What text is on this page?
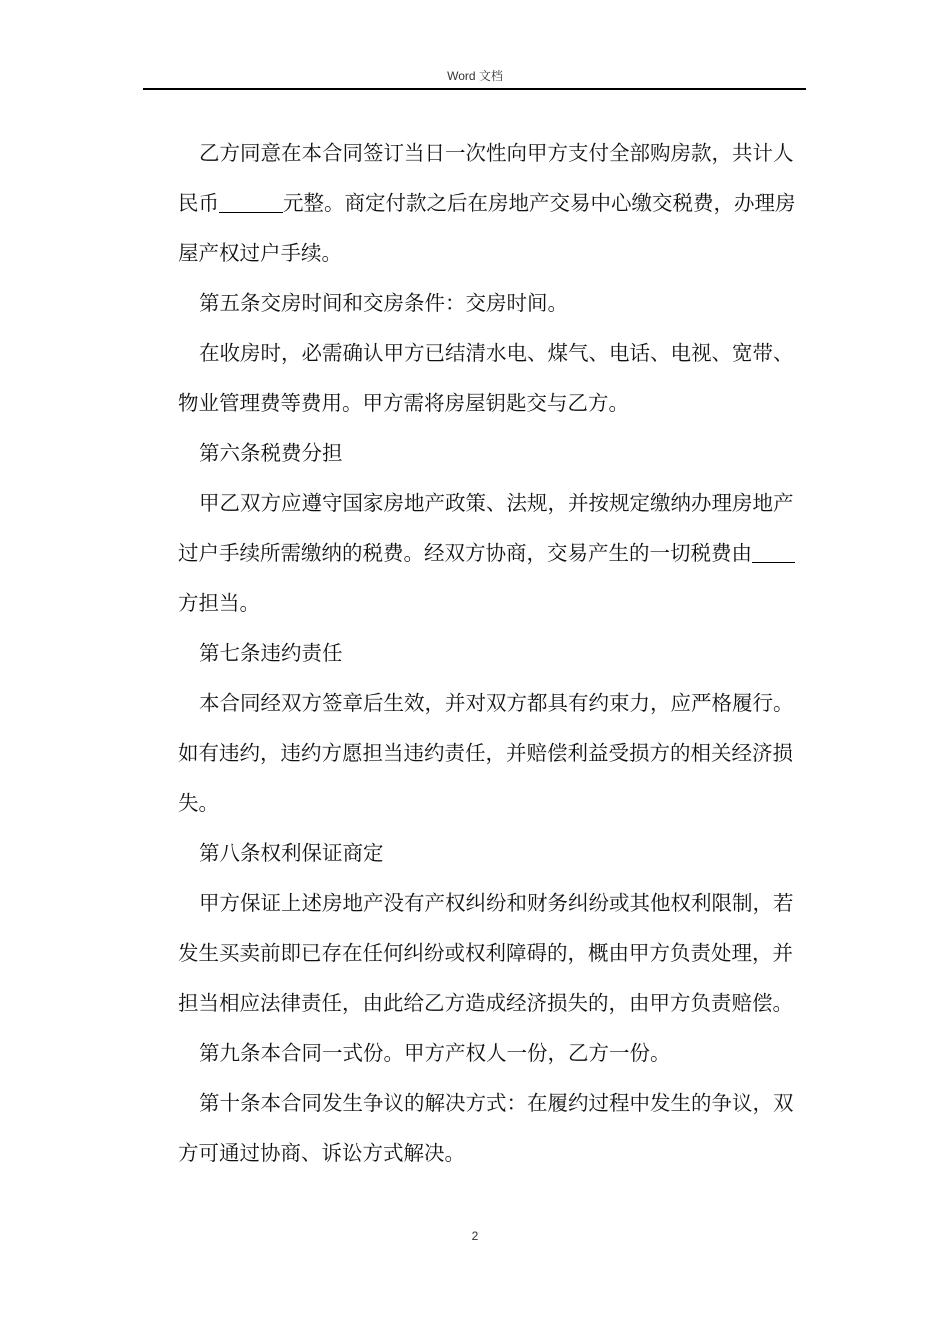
Word 文档

乙方同意在本合同签订当日一次性向甲方支付全部购房款，共计人民币	元整。商定付款之后在房地产交易中心缴交税费，办理房屋产权过户手续。

第五条交房时间和交房条件：交房时间。

在收房时，必需确认甲方已结清水电、煤气、电话、电视、宽带、物业管理费等费用。甲方需将房屋钥匙交与乙方。

第六条税费分担

甲乙双方应遵守国家房地产政策、法规，并按规定缴纳办理房地产过户手续所需缴纳的税费。经双方协商，交易产生的一切税费由方担当。

第七条违约责任

本合同经双方签章后生效，并对双方都具有约束力，应严格履行。如有违约，违约方愿担当违约责任，并赔偿利益受损方的相关经济损失。

第八条权利保证商定

甲方保证上述房地产没有产权纠纷和财务纠纷或其他权利限制，若发生买卖前即已存在任何纠纷或权利障碍的，概由甲方负责处理，并担当相应法律责任，由此给乙方造成经济损失的，由甲方负责赔偿。

第九条本合同一式份。甲方产权人一份，乙方一份。

第十条本合同发生争议的解决方式：在履约过程中发生的争议，双方可通过协商、诉讼方式解决。

2
